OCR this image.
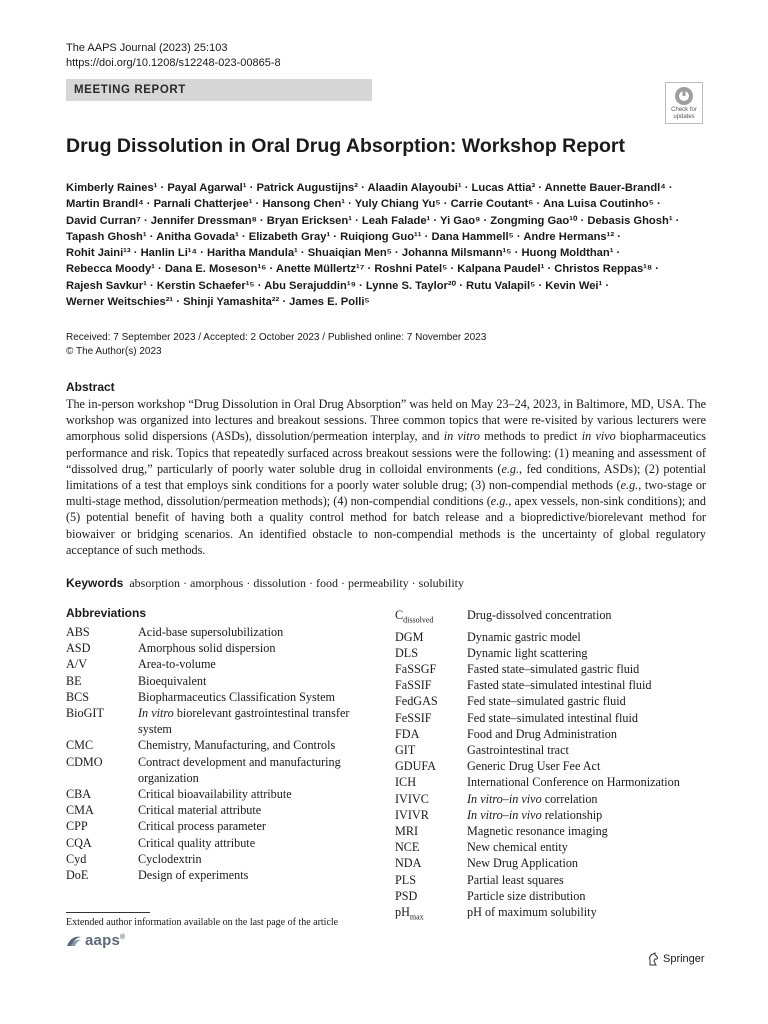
The AAPS Journal (2023) 25:103
https://doi.org/10.1208/s12248-023-00865-8
MEETING REPORT
Check for
updates
Drug Dissolution in Oral Drug Absorption: Workshop Report
Kimberly Raines¹ · Payal Agarwal¹ · Patrick Augustijns² · Alaadin Alayoubi¹ · Lucas Attia³ · Annette Bauer-Brandl⁴ ·
Martin Brandl⁴ · Parnali Chatterjee¹ · Hansong Chen¹ · Yuly Chiang Yu⁵ · Carrie Coutant⁶ · Ana Luisa Coutinho⁵ ·
David Curran⁷ · Jennifer Dressman⁸ · Bryan Ericksen¹ · Leah Falade¹ · Yi Gao⁹ · Zongming Gao¹⁰ · Debasis Ghosh¹ ·
Tapash Ghosh¹ · Anitha Govada¹ · Elizabeth Gray¹ · Ruiqiong Guo¹¹ · Dana Hammell⁵ · Andre Hermans¹² ·
Rohit Jaini¹³ · Hanlin Li¹⁴ · Haritha Mandula¹ · Shuaiqian Men⁵ · Johanna Milsmann¹⁵ · Huong Moldthan¹ ·
Rebecca Moody¹ · Dana E. Moseson¹⁶ · Anette Müllertz¹⁷ · Roshni Patel⁵ · Kalpana Paudel¹ · Christos Reppas¹⁸ ·
Rajesh Savkur¹ · Kerstin Schaefer¹⁵ · Abu Serajuddin¹⁹ · Lynne S. Taylor²⁰ · Rutu Valapil⁵ · Kevin Wei¹ ·
Werner Weitschies²¹ · Shinji Yamashita²² · James E. Polli⁵
Received: 7 September 2023 / Accepted: 2 October 2023 / Published online: 7 November 2023
© The Author(s) 2023
Abstract
The in-person workshop “Drug Dissolution in Oral Drug Absorption” was held on May 23–24, 2023, in Baltimore, MD, USA. The workshop was organized into lectures and breakout sessions. Three common topics that were re-visited by various lecturers were amorphous solid dispersions (ASDs), dissolution/permeation interplay, and in vitro methods to predict in vivo biopharmaceutics performance and risk. Topics that repeatedly surfaced across breakout sessions were the following: (1) meaning and assessment of “dissolved drug,” particularly of poorly water soluble drug in colloidal environments (e.g., fed conditions, ASDs); (2) potential limitations of a test that employs sink conditions for a poorly water soluble drug; (3) non-compendial methods (e.g., two-stage or multi-stage method, dissolution/permeation methods); (4) non-compendial conditions (e.g., apex vessels, non-sink conditions); and (5) potential benefit of having both a quality control method for batch release and a biopredictive/biorelevant method for biowaiver or bridging scenarios. An identified obstacle to non-compendial methods is the uncertainty of global regulatory acceptance of such methods.
Keywords absorption · amorphous · dissolution · food · permeability · solubility
Abbreviations
ABS	Acid-base supersolubilization
ASD	Amorphous solid dispersion
A/V	Area-to-volume
BE	Bioequivalent
BCS	Biopharmaceutics Classification System
BioGIT	In vitro biorelevant gastrointestinal transfer system
CMC	Chemistry, Manufacturing, and Controls
CDMO	Contract development and manufacturing organization
CBA	Critical bioavailability attribute
CMA	Critical material attribute
CPP	Critical process parameter
CQA	Critical quality attribute
Cyd	Cyclodextrin
DoE	Design of experiments
$C_{dissolved}$	Drug-dissolved concentration
DGM	Dynamic gastric model
DLS	Dynamic light scattering
FaSSGF	Fasted state–simulated gastric fluid
FaSSIF	Fasted state–simulated intestinal fluid
FedGAS	Fed state–simulated gastric fluid
FeSSIF	Fed state–simulated intestinal fluid
FDA	Food and Drug Administration
GIT	Gastrointestinal tract
GDUFA	Generic Drug User Fee Act
ICH	International Conference on Harmonization
IVIVC	In vitro–in vivo correlation
IVIVR	In vitro–in vivo relationship
MRI	Magnetic resonance imaging
NCE	New chemical entity
NDA	New Drug Application
PLS	Partial least squares
PSD	Particle size distribution
$pH_{max}$	pH of maximum solubility
Extended author information available on the last page of the article
aaps®
Springer
